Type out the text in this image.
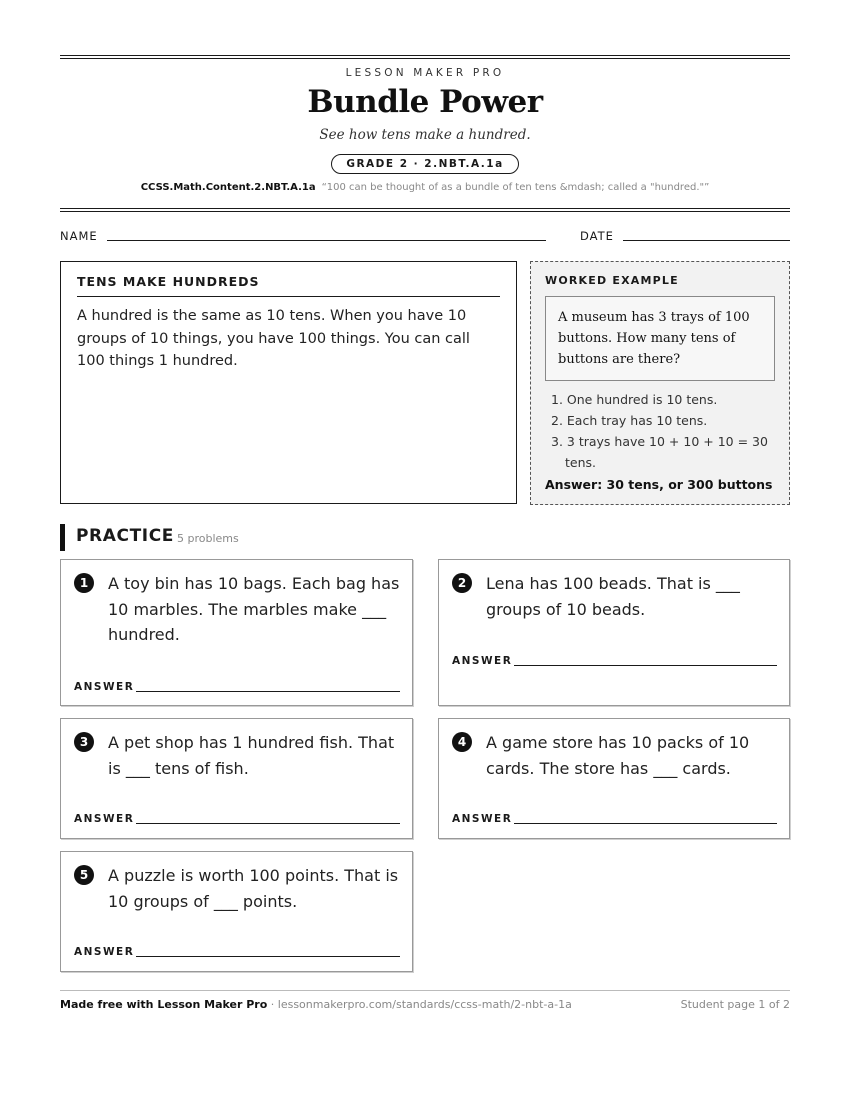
LESSON MAKER PRO
Bundle Power
See how tens make a hundred.
GRADE 2 · 2.NBT.A.1a
CCSS.Math.Content.2.NBT.A.1a “100 can be thought of as a bundle of ten tens &mdash; called a "hundred."”
NAME	DATE
TENS MAKE HUNDREDS
A hundred is the same as 10 tens. When you have 10 groups of 10 things, you have 100 things. You can call 100 things 1 hundred.
WORKED EXAMPLE
A museum has 3 trays of 100 buttons. How many tens of buttons are there?
1. One hundred is 10 tens.
2. Each tray has 10 tens.
3. 3 trays have 10 + 10 + 10 = 30 tens.
Answer: 30 tens, or 300 buttons
PRACTICE 5 problems
1	A toy bin has 10 bags. Each bag has 10 marbles. The marbles make ___ hundred.
ANSWER
2	Lena has 100 beads. That is ___ groups of 10 beads.
ANSWER
3	A pet shop has 1 hundred fish. That is ___ tens of fish.
ANSWER
4	A game store has 10 packs of 10 cards. The store has ___ cards.
ANSWER
5	A puzzle is worth 100 points. That is 10 groups of ___ points.
ANSWER
Made free with Lesson Maker Pro · lessonmakerpro.com/standards/ccss-math/2-nbt-a-1a	Student page 1 of 2
